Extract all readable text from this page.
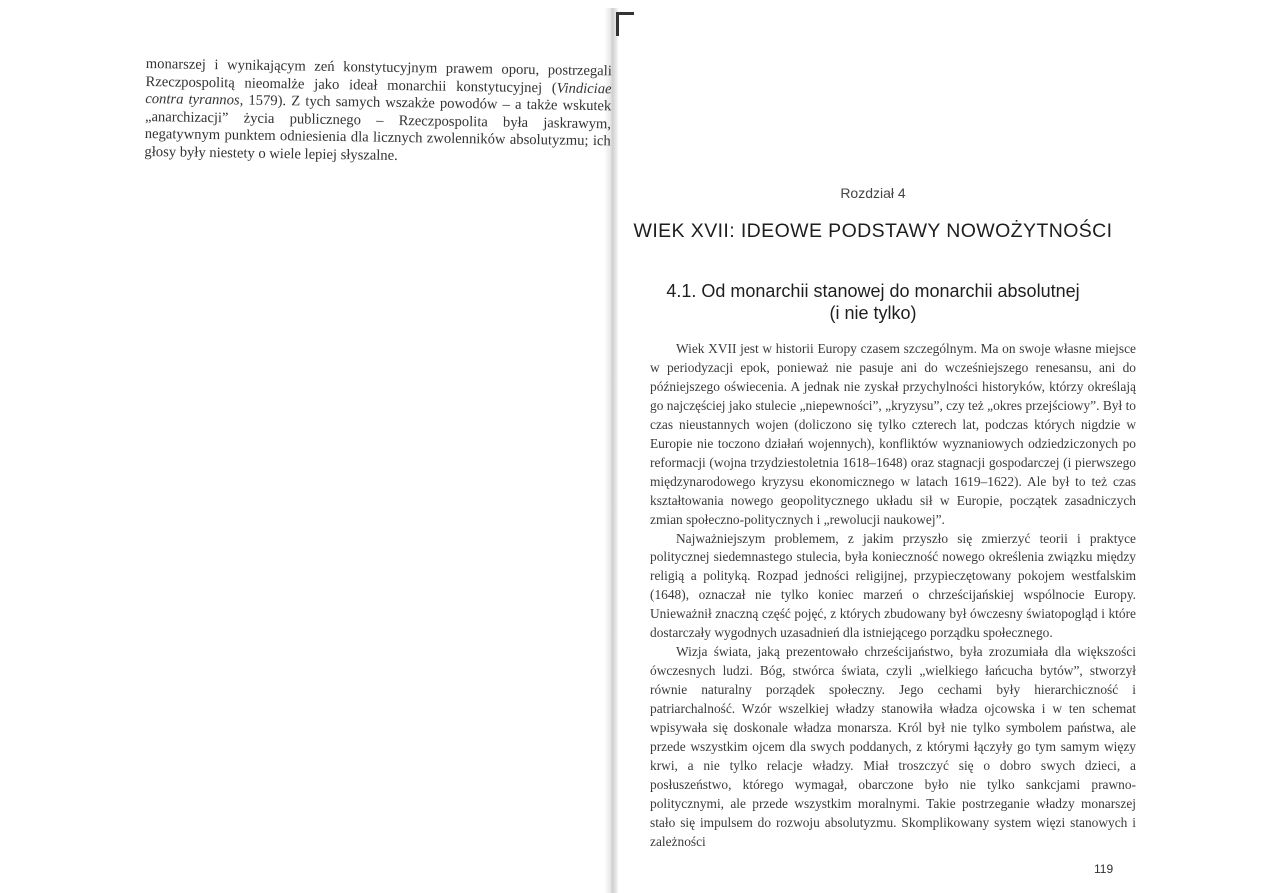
monarszej i wynikającym zeń konstytucyjnym prawem oporu, postrzegali Rzeczpospolitą nieomalże jako ideał monarchii konstytucyjnej (Vindiciae contra tyrannos, 1579). Z tych samych wszakże powodów – a także wskutek „anarchizacji” życia publicznego – Rzeczpospolita była jaskrawym, negatywnym punktem odniesienia dla licznych zwolenników absolutyzmu; ich głosy były niestety o wiele lepiej słyszalne.

Rozdział 4
WIEK XVII: IDEOWE PODSTAWY NOWOŻYTNOŚCI
4.1. Od monarchii stanowej do monarchii absolutnej
(i nie tylko)

Wiek XVII jest w historii Europy czasem szczególnym. Ma on swoje własne miejsce w periodyzacji epok, ponieważ nie pasuje ani do wcześniejszego renesansu, ani do późniejszego oświecenia. A jednak nie zyskał przychylności historyków, którzy określają go najczęściej jako stulecie „niepewności”, „kryzysu”, czy też „okres przejściowy”. Był to czas nieustannych wojen (doliczono się tylko czterech lat, podczas których nigdzie w Europie nie toczono działań wojennych), konfliktów wyznaniowych odziedziczonych po reformacji (wojna trzydziestoletnia 1618–1648) oraz stagnacji gospodarczej (i pierwszego międzynarodowego kryzysu ekonomicznego w latach 1619–1622). Ale był to też czas kształtowania nowego geopolitycznego układu sił w Europie, początek zasadniczych zmian społeczno-politycznych i „rewolucji naukowej”.

Najważniejszym problemem, z jakim przyszło się zmierzyć teorii i praktyce politycznej siedemnastego stulecia, była konieczność nowego określenia związku między religią a polityką. Rozpad jedności religijnej, przypieczętowany pokojem westfalskim (1648), oznaczał nie tylko koniec marzeń o chrześcijańskiej wspólnocie Europy. Unieważnił znaczną część pojęć, z których zbudowany był ówczesny światopogląd i które dostarczały wygodnych uzasadnień dla istniejącego porządku społecznego.

Wizja świata, jaką prezentowało chrześcijaństwo, była zrozumiała dla większości ówczesnych ludzi. Bóg, stwórca świata, czyli „wielkiego łańcucha bytów”, stworzył równie naturalny porządek społeczny. Jego cechami były hierarchiczność i patriarchalność. Wzór wszelkiej władzy stanowiła władza ojcowska i w ten schemat wpisywała się doskonale władza monarsza. Król był nie tylko symbolem państwa, ale przede wszystkim ojcem dla swych poddanych, z którymi łączyły go tym samym więzy krwi, a nie tylko relacje władzy. Miał troszczyć się o dobro swych dzieci, a posłuszeństwo, którego wymagał, obarczone było nie tylko sankcjami prawno-politycznymi, ale przede wszystkim moralnymi. Takie postrzeganie władzy monarszej stało się impulsem do rozwoju absolutyzmu. Skomplikowany system więzi stanowych i zależności

119
